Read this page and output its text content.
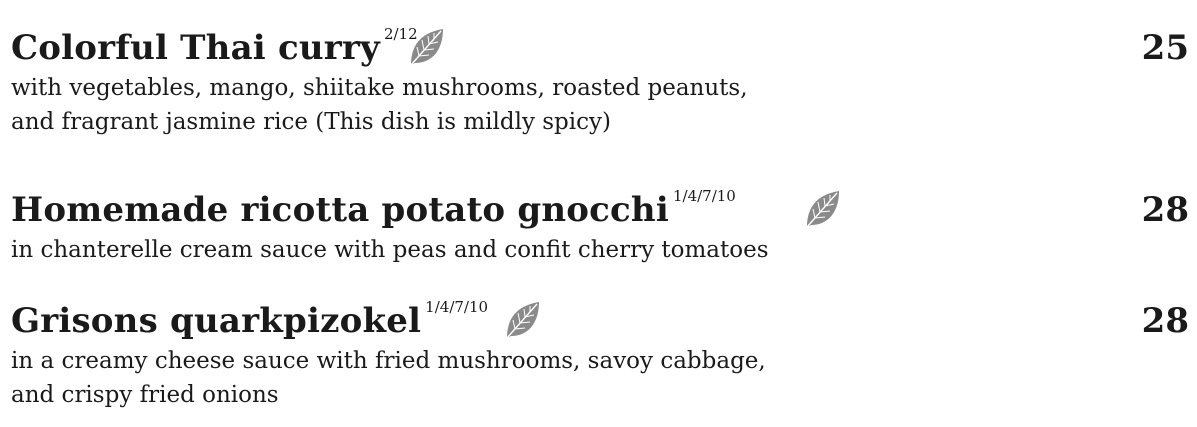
Colorful Thai curry 2/12	25
with vegetables, mango, shiitake mushrooms, roasted peanuts,
and fragrant jasmine rice (This dish is mildly spicy)
Homemade ricotta potato gnocchi 1/4/7/10	28
in chanterelle cream sauce with peas and confit cherry tomatoes
Grisons quarkpizokel 1/4/7/10	28
in a creamy cheese sauce with fried mushrooms, savoy cabbage,
and crispy fried onions
